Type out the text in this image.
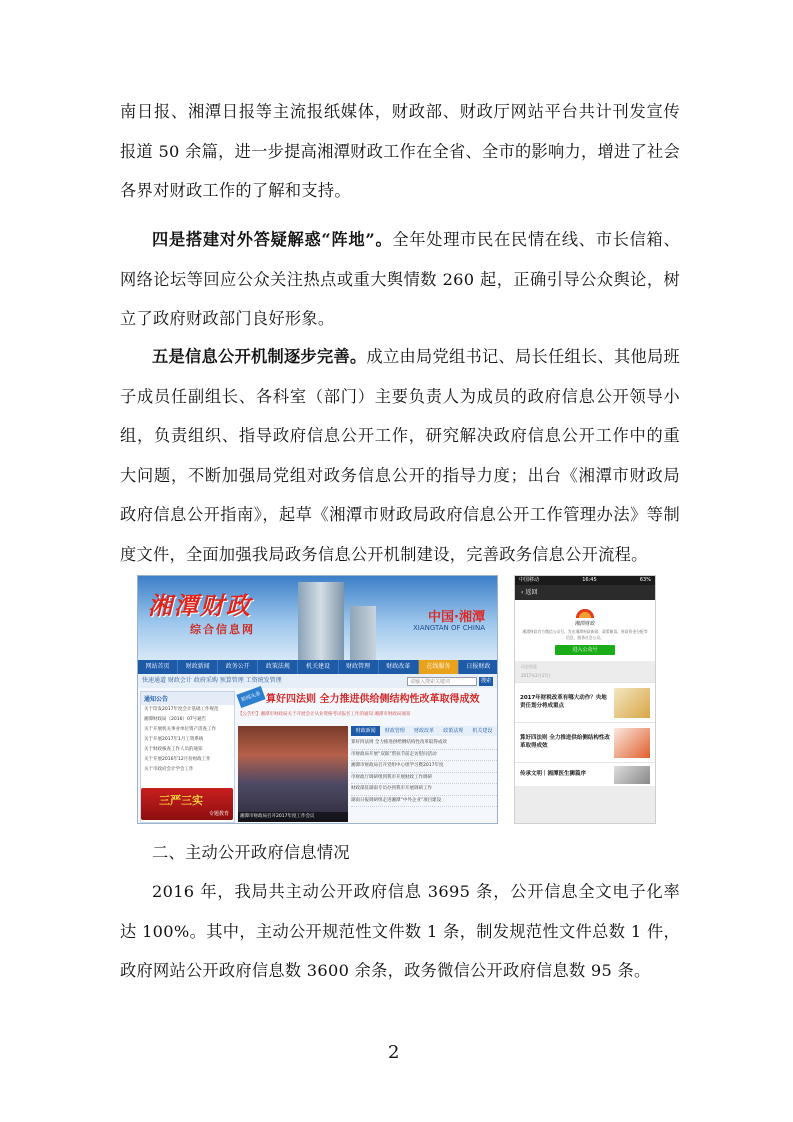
南日报、湘潭日报等主流报纸媒体，财政部、财政厅网站平台共计刊发宣传报道 50 余篇，进一步提高湘潭财政工作在全省、全市的影响力，增进了社会各界对财政工作的了解和支持。
四是搭建对外答疑解惑“阵地”。全年处理市民在民情在线、市长信箱、网络论坛等回应公众关注热点或重大舆情数 260 起，正确引导公众舆论，树立了政府财政部门良好形象。
五是信息公开机制逐步完善。成立由局党组书记、局长任组长、其他局班子成员任副组长、各科室（部门）主要负责人为成员的政府信息公开领导小组，负责组织、指导政府信息公开工作，研究解决政府信息公开工作中的重大问题，不断加强局党组对政务信息公开的指导力度；出台《湘潭市财政局政府信息公开指南》，起草《湘潭市财政局政府信息公开工作管理办法》等制度文件，全面加强我局政务信息公开机制建设，完善政务信息公开流程。
湘潭财政
综合信息网
中国·湘潭
XIANGTAN OF CHINA
网站首页	财政新闻	政务公开	政策法规	机关建设	财政管理	财政改革	在线服务	日报财政
快速通道 财政会计 政府采购 预算管理 工资统发管理	请输入搜索关键词	搜索
通知公告
关于印发2017年度会计基础工作规范
湘潭财政局（2016）07号通告
关于开展机关事业单位资产清查工作
关于开展2017年1月工资系统
关于财政核查工作人员的通知
关于开展2016年12月份财政工作
关于市政府会计学会工作
三严三实
专题教育
新闻头条 算好四法则 全力推进供给侧结构性改革取得成效
【公告栏】湘潭市财政局关于开展会计从业资格考试报名工作的通知 湘潭市财政局通知
湘潭市财政局召开2017年度工作会议
财政新闻	财政管理	财政改革	政策法规	机关建设
算好四法则 全力推进供给侧结构性改革取得成效
市财政局开展“双联”帮扶节前走访慰问活动
湘潭市财政局召开党组中心组学习暨2017年度
市财政厅调研组到我市开展财政工作调研
财政部驻湖南专员办到我市开展调研工作
湖南日报调研组走进湘潭“中外企业”项目建设
中国移动	16:45	63%
‹ 返回
湘潭财政
湘潭财政官方微信公众号，发布湘潭财政新闻、政策解读、财政资金分配等信息，服务社会公众。
进入公众号
历史消息
2017年2月17日
2017年财税改革有哪大动作？央地责任划分将成重点
算好四法则 全力推进供给侧结构性改革取得成效
传承文明｜湘潭医生狮篇序
二、主动公开政府信息情况
2016 年，我局共主动公开政府信息 3695 条，公开信息全文电子化率达 100%。其中，主动公开规范性文件数 1 条，制发规范性文件总数 1 件，政府网站公开政府信息数 3600 余条，政务微信公开政府信息数 95 条。
2
